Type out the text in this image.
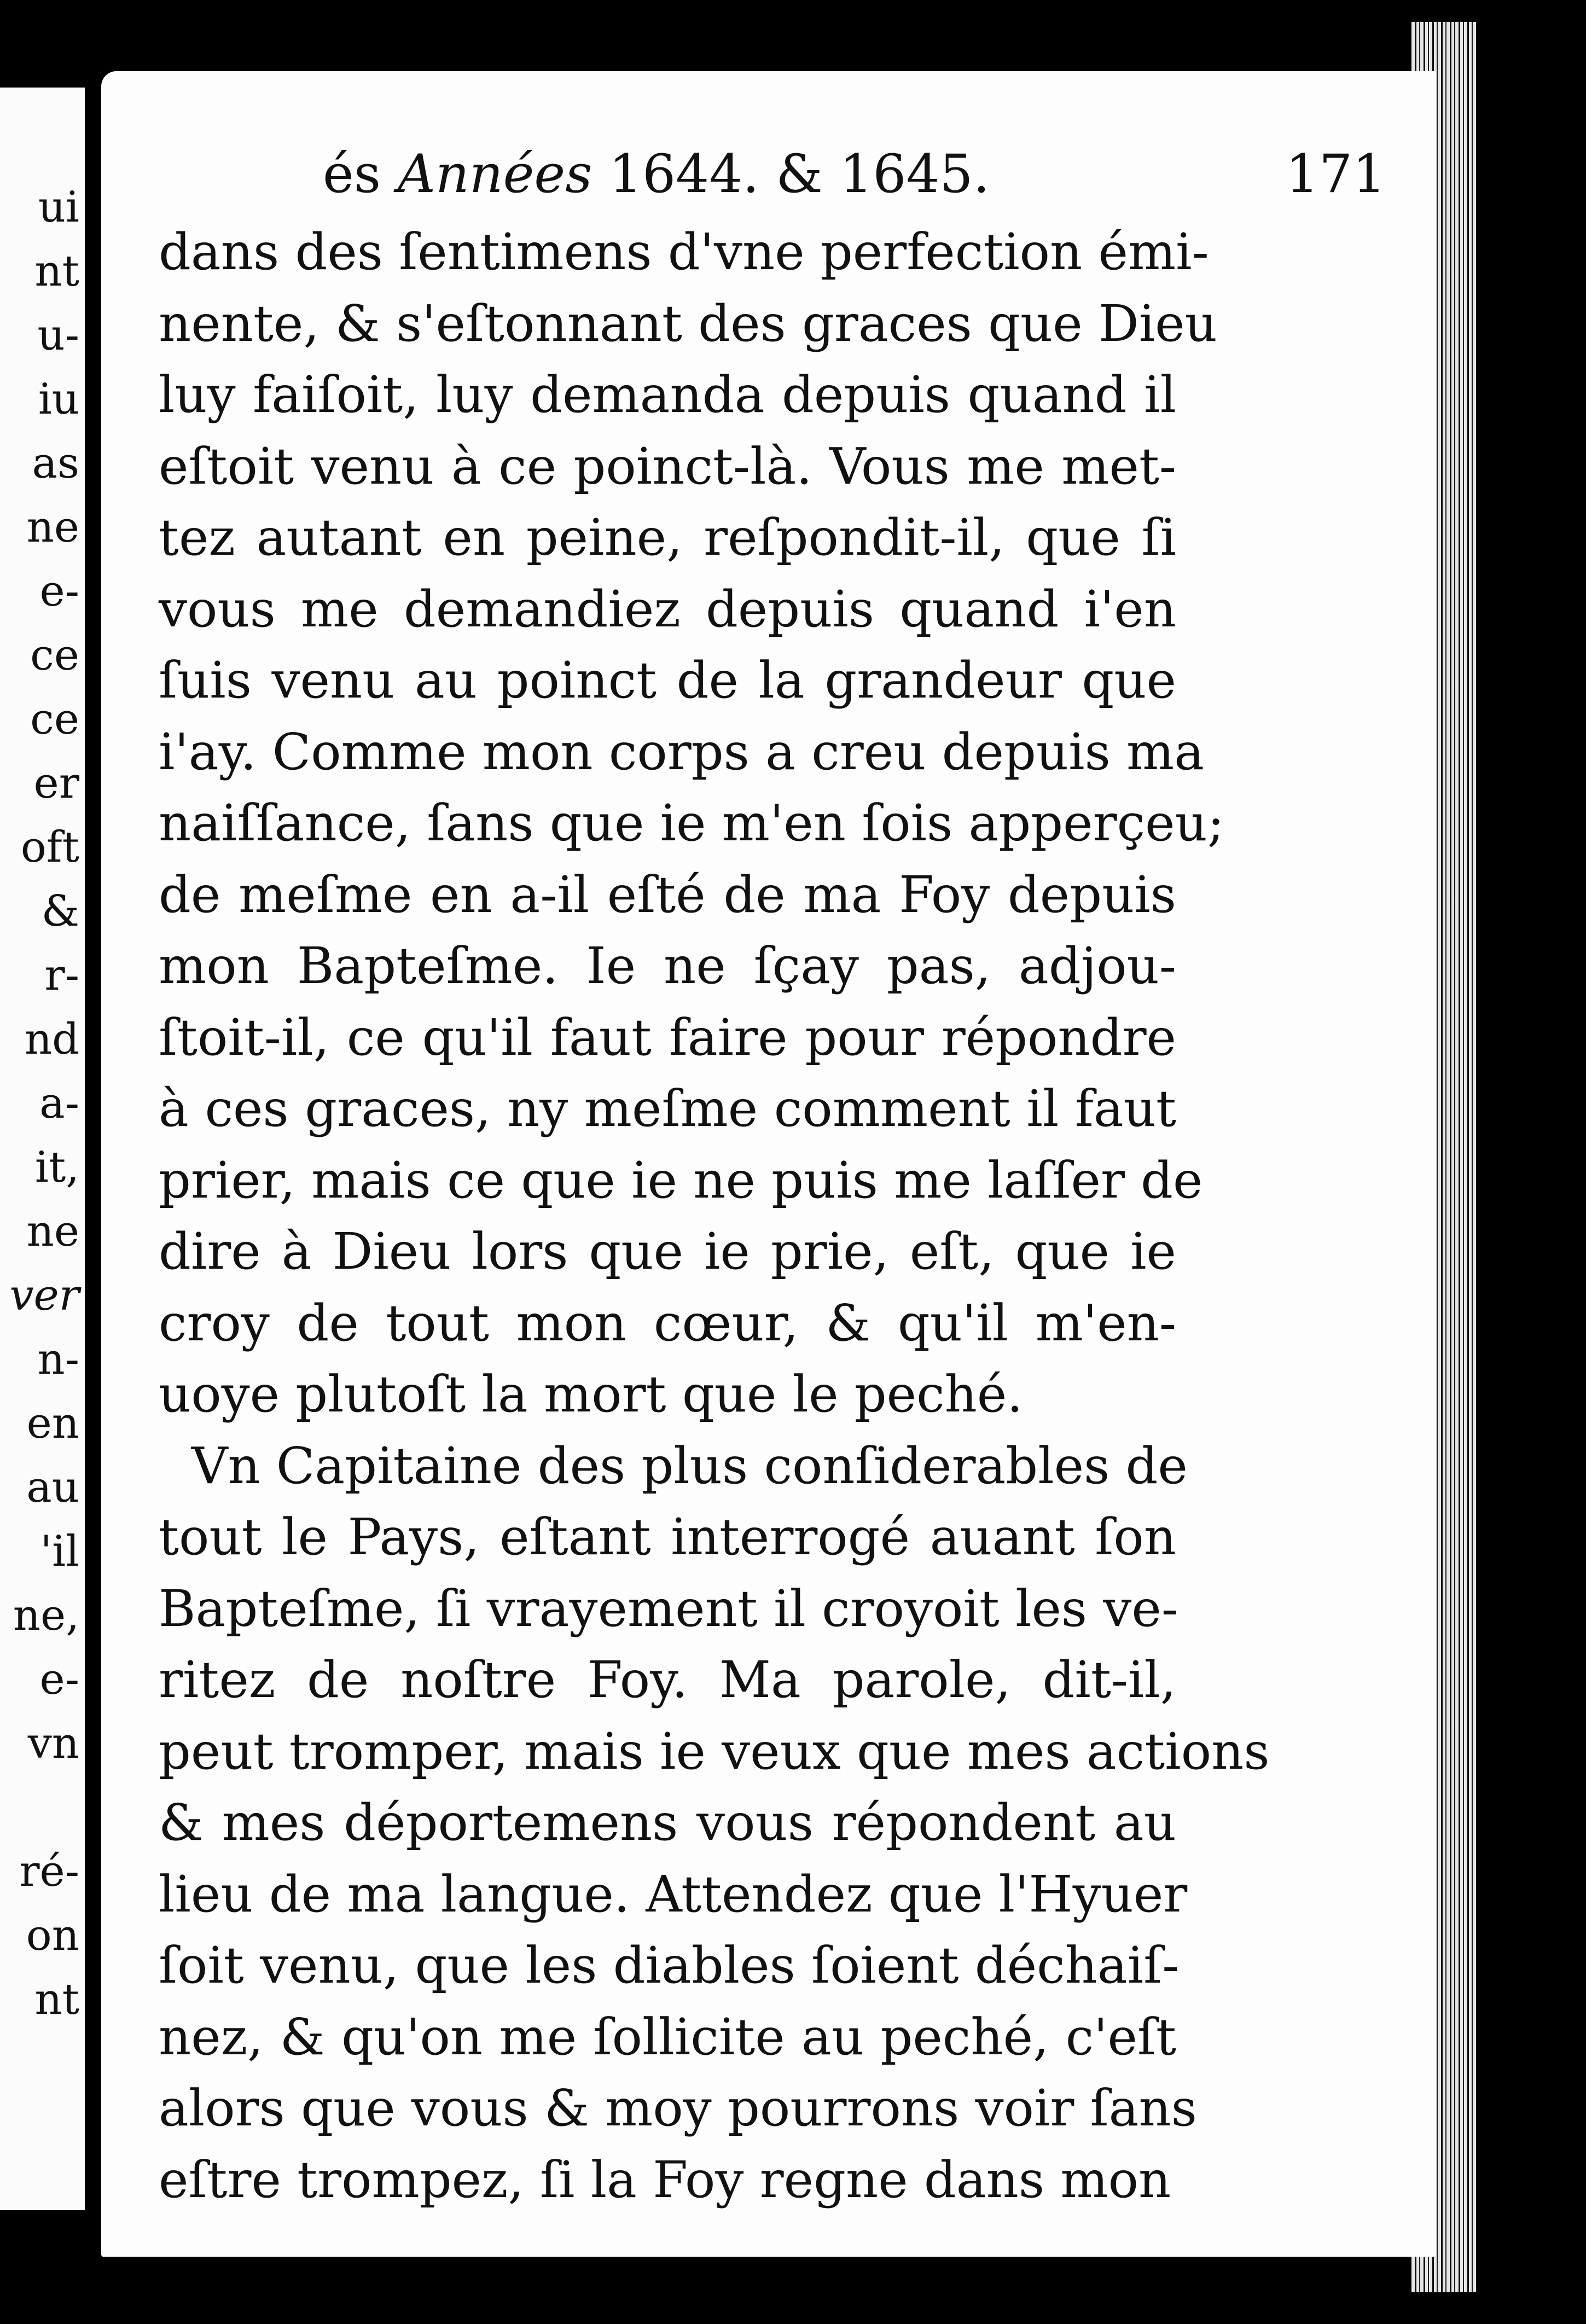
ui
nt
u-
iu
as
ne
e-
ce
ce
er
oft
&
r-
nd
a-
it,
ne
ver
n-
en
au
'il
ne,
e-
vn
ré-
on
nt
és Années 1644. & 1645.	171
dans des ſentimens d'vne perfection émi-
nente, & s'eſtonnant des graces que Dieu
luy faiſoit, luy demanda depuis quand il
eſtoit venu à ce poinct-là. Vous me met-
tez autant en peine, reſpondit-il, que ſi
vous me demandiez depuis quand i'en
ſuis venu au poinct de la grandeur que
i'ay. Comme mon corps a creu depuis ma
naiſſance, ſans que ie m'en ſois apperçeu;
de meſme en a-il eſté de ma Foy depuis
mon Bapteſme. Ie ne ſçay pas, adjou-
ſtoit-il, ce qu'il faut faire pour répondre
à ces graces, ny meſme comment il faut
prier, mais ce que ie ne puis me laſſer de
dire à Dieu lors que ie prie, eſt, que ie
croy de tout mon cœur, & qu'il m'en-
uoye plutoſt la mort que le peché.
Vn Capitaine des plus conſiderables de
tout le Pays, eſtant interrogé auant ſon
Bapteſme, ſi vrayement il croyoit les ve-
ritez de noſtre Foy. Ma parole, dit-il,
peut tromper, mais ie veux que mes actions
& mes déportemens vous répondent au
lieu de ma langue. Attendez que l'Hyuer
ſoit venu, que les diables ſoient déchaiſ-
nez, & qu'on me ſollicite au peché, c'eſt
alors que vous & moy pourrons voir ſans
eſtre trompez, ſi la Foy regne dans mon
